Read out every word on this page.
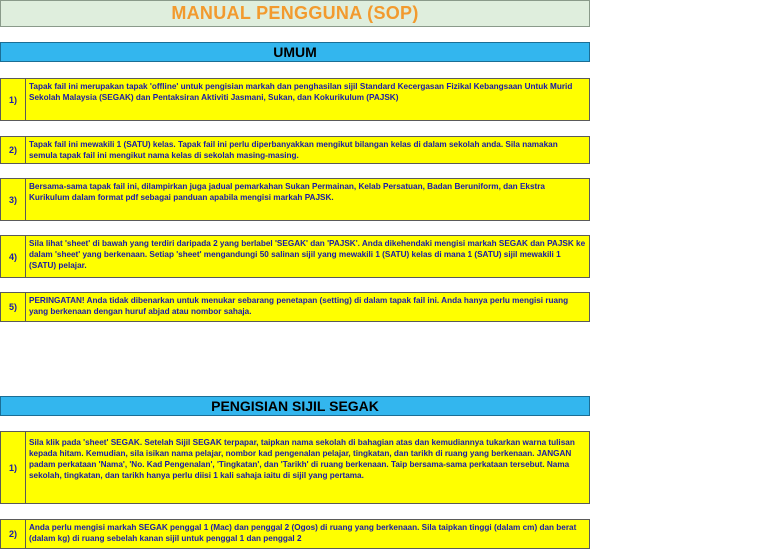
MANUAL PENGGUNA (SOP)
UMUM
1)
Tapak fail ini merupakan tapak 'offline' untuk pengisian markah dan penghasilan sijil Standard Kecergasan Fizikal Kebangsaan Untuk Murid Sekolah Malaysia (SEGAK) dan Pentaksiran Aktiviti Jasmani, Sukan, dan Kokurikulum (PAJSK)
2)
Tapak fail ini mewakili 1 (SATU) kelas. Tapak fail ini perlu diperbanyakkan mengikut bilangan kelas di dalam sekolah anda. Sila namakan semula tapak fail ini mengikut nama kelas di sekolah masing-masing.
3)
Bersama-sama tapak fail ini, dilampirkan juga jadual pemarkahan Sukan Permainan, Kelab Persatuan, Badan Beruniform, dan Ekstra Kurikulum dalam format pdf sebagai panduan apabila mengisi markah PAJSK.
4)
Sila lihat 'sheet' di bawah yang terdiri daripada 2 yang berlabel 'SEGAK' dan 'PAJSK'. Anda dikehendaki mengisi markah SEGAK dan PAJSK ke dalam 'sheet' yang berkenaan. Setiap 'sheet' mengandungi 50 salinan sijil yang mewakili 1 (SATU) kelas di mana 1 (SATU) sijil mewakili 1 (SATU) pelajar.
5)
PERINGATAN! Anda tidak dibenarkan untuk menukar sebarang penetapan (setting) di dalam tapak fail ini. Anda hanya perlu mengisi ruang yang berkenaan dengan huruf abjad atau nombor sahaja.
PENGISIAN SIJIL SEGAK
1)
Sila klik pada 'sheet' SEGAK. Setelah Sijil SEGAK terpapar, taipkan nama sekolah di bahagian atas dan kemudiannya tukarkan warna tulisan kepada hitam. Kemudian, sila isikan nama pelajar, nombor kad pengenalan pelajar, tingkatan, dan tarikh di ruang yang berkenaan. JANGAN padam perkataan 'Nama', 'No. Kad Pengenalan', 'Tingkatan', dan 'Tarikh' di ruang berkenaan. Taip bersama-sama perkataan tersebut. Nama sekolah, tingkatan, dan tarikh hanya perlu diisi 1 kali sahaja iaitu di sijil yang pertama.
2)
Anda perlu mengisi markah SEGAK penggal 1 (Mac) dan penggal 2 (Ogos) di ruang yang berkenaan. Sila taipkan tinggi (dalam cm) dan berat (dalam kg) di ruang sebelah kanan sijil untuk penggal 1 dan penggal 2
